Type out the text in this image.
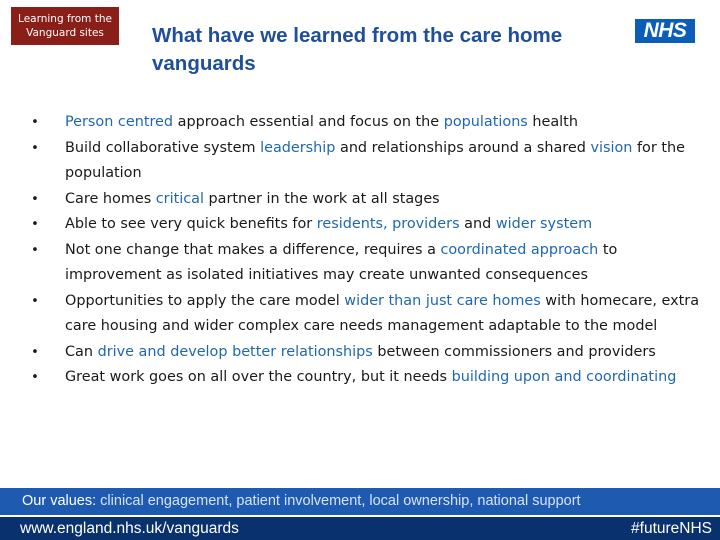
Learning from the Vanguard sites	What have we learned from the care home vanguards
NHS
• Person centred approach essential and focus on the populations health
• Build collaborative system leadership and relationships around a shared vision for the population
• Care homes critical partner in the work at all stages
• Able to see very quick benefits for residents, providers and wider system
• Not one change that makes a difference, requires a coordinated approach to improvement as isolated initiatives may create unwanted consequences
• Opportunities to apply the care model wider than just care homes with homecare, extra care housing and wider complex care needs management adaptable to the model
• Can drive and develop better relationships between commissioners and providers
• Great work goes on all over the country, but it needs building upon and coordinating
Our values: clinical engagement, patient involvement, local ownership, national support
www.england.nhs.uk/vanguards	#futureNHS
